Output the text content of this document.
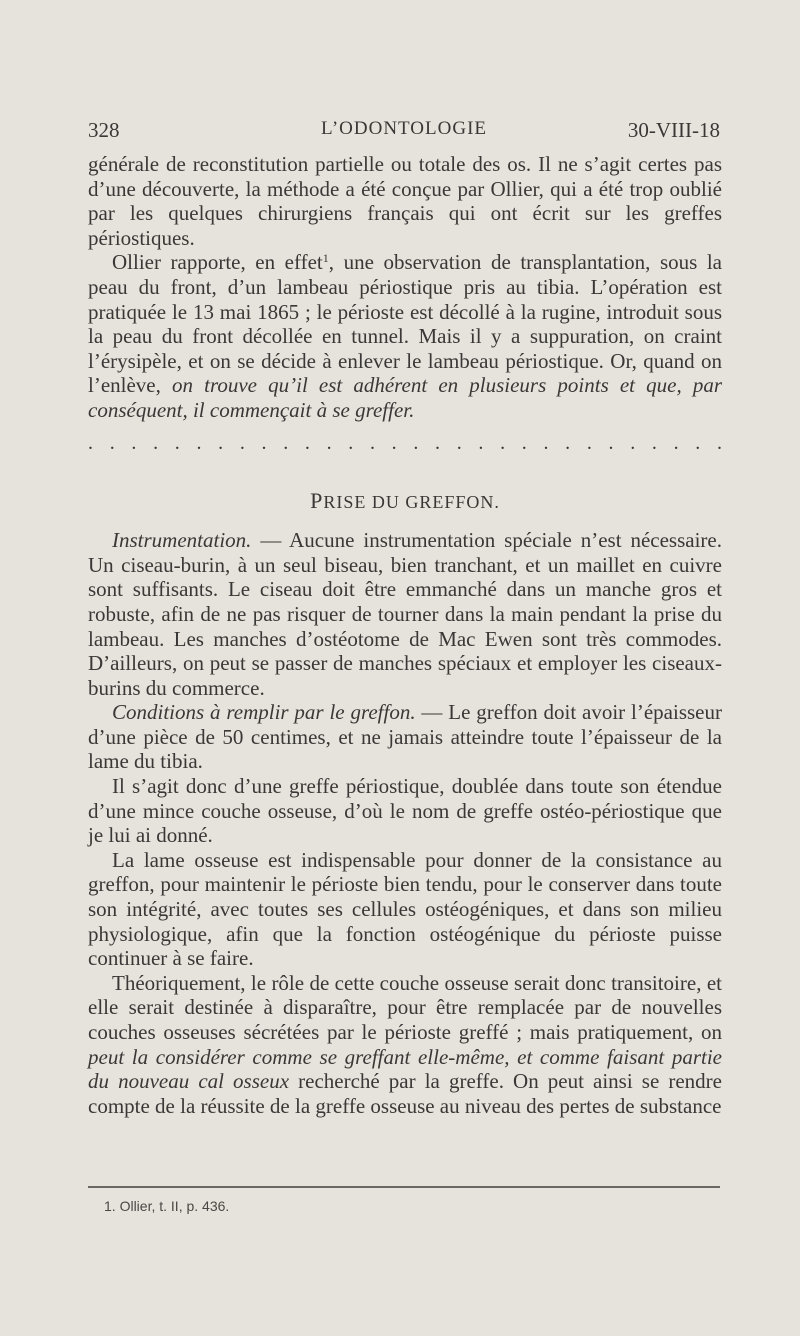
328	L’ODONTOLOGIE	30-VIII-18

générale de reconstitution partielle ou totale des os. Il ne s’agit certes pas d’une découverte, la méthode a été conçue par Ollier, qui a été trop oublié par les quelques chirurgiens français qui ont écrit sur les greffes périostiques.

Ollier rapporte, en effet$^1$, une observation de transplantation, sous la peau du front, d’un lambeau périostique pris au tibia. L’opération est pratiquée le 13 mai 1865 ; le périoste est décollé à la rugine, introduit sous la peau du front décollée en tunnel. Mais il y a suppuration, on craint l’érysipèle, et on se décide à enlever le lambeau périostique. Or, quand on l’enlève, on trouve qu’il est adhérent en plusieurs points et que, par conséquent, il commençait à se greffer.

. . . . . . . . . . . . . . . . . . . . . . . . . . . . . .
PRISE DU GREFFON.

Instrumentation. — Aucune instrumentation spéciale n’est nécessaire. Un ciseau-burin, à un seul biseau, bien tranchant, et un maillet en cuivre sont suffisants. Le ciseau doit être emmanché dans un manche gros et robuste, afin de ne pas risquer de tourner dans la main pendant la prise du lambeau. Les manches d’ostéotome de Mac Ewen sont très commodes. D’ailleurs, on peut se passer de manches spéciaux et employer les ciseaux-burins du commerce.

Conditions à remplir par le greffon. — Le greffon doit avoir l’épaisseur d’une pièce de 50 centimes, et ne jamais atteindre toute l’épaisseur de la lame du tibia.

Il s’agit donc d’une greffe périostique, doublée dans toute son étendue d’une mince couche osseuse, d’où le nom de greffe ostéo-périostique que je lui ai donné.

La lame osseuse est indispensable pour donner de la consistance au greffon, pour maintenir le périoste bien tendu, pour le conserver dans toute son intégrité, avec toutes ses cellules ostéogéniques, et dans son milieu physiologique, afin que la fonction ostéogénique du périoste puisse continuer à se faire.

Théoriquement, le rôle de cette couche osseuse serait donc transitoire, et elle serait destinée à disparaître, pour être remplacée par de nouvelles couches osseuses sécrétées par le périoste greffé ; mais pratiquement, on peut la considérer comme se greffant elle-même, et comme faisant partie du nouveau cal osseux recherché par la greffe. On peut ainsi se rendre compte de la réussite de la greffe osseuse au niveau des pertes de substance

1. Ollier, t. II, p. 436.
